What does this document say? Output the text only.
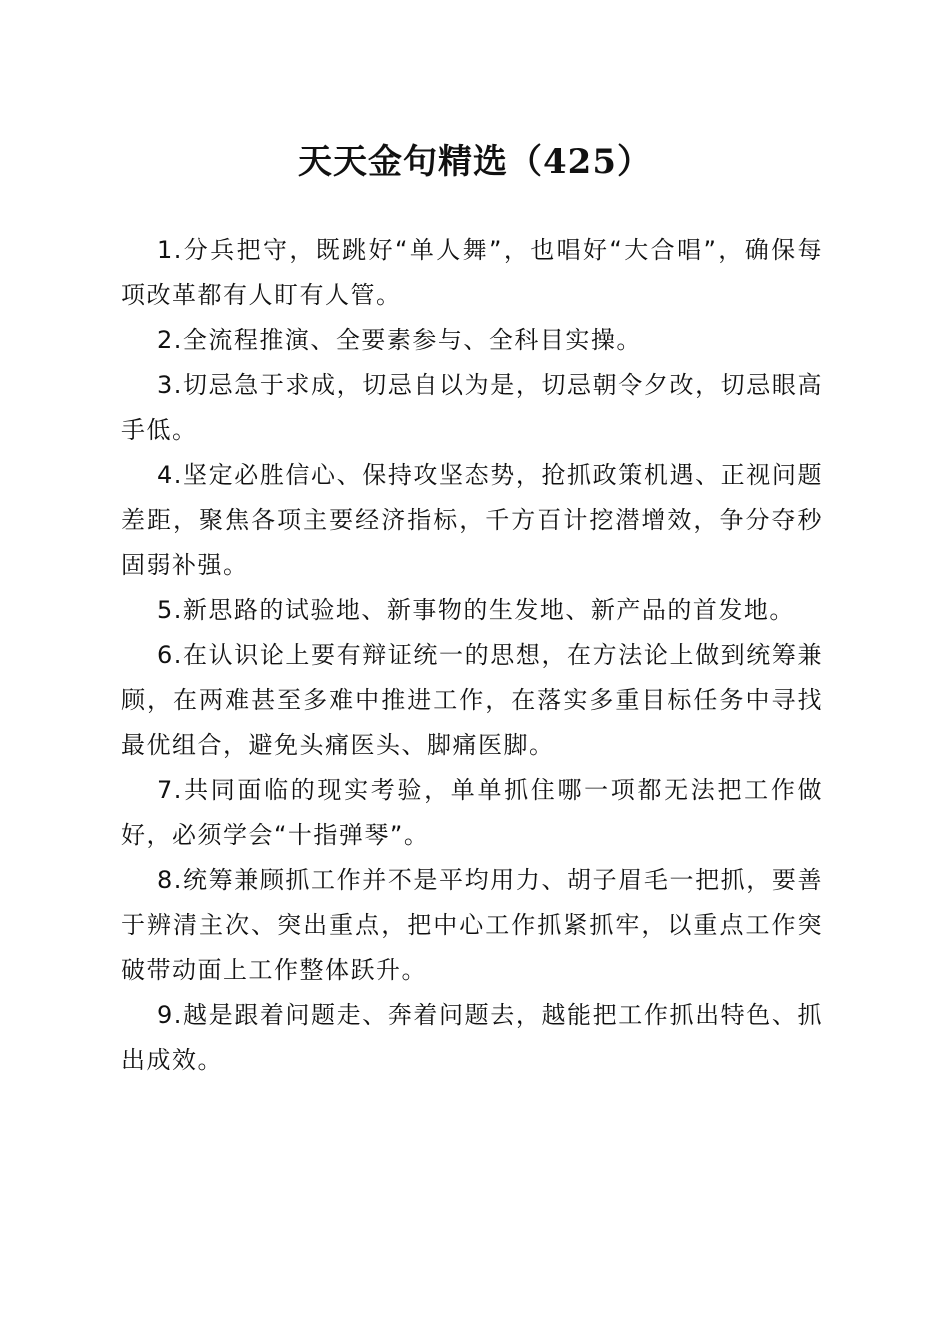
天天金句精选（425）

1.分兵把守，既跳好“单人舞”，也唱好“大合唱”，确保每项改革都有人盯有人管。

2.全流程推演、全要素参与、全科目实操。

3.切忌急于求成，切忌自以为是，切忌朝令夕改，切忌眼高手低。

4.坚定必胜信心、保持攻坚态势，抢抓政策机遇、正视问题差距，聚焦各项主要经济指标，千方百计挖潜增效，争分夺秒固弱补强。

5.新思路的试验地、新事物的生发地、新产品的首发地。

6.在认识论上要有辩证统一的思想，在方法论上做到统筹兼顾，在两难甚至多难中推进工作，在落实多重目标任务中寻找最优组合，避免头痛医头、脚痛医脚。

7.共同面临的现实考验，单单抓住哪一项都无法把工作做好，必须学会“十指弹琴”。

8.统筹兼顾抓工作并不是平均用力、胡子眉毛一把抓，要善于辨清主次、突出重点，把中心工作抓紧抓牢，以重点工作突破带动面上工作整体跃升。

9.越是跟着问题走、奔着问题去，越能把工作抓出特色、抓出成效。
